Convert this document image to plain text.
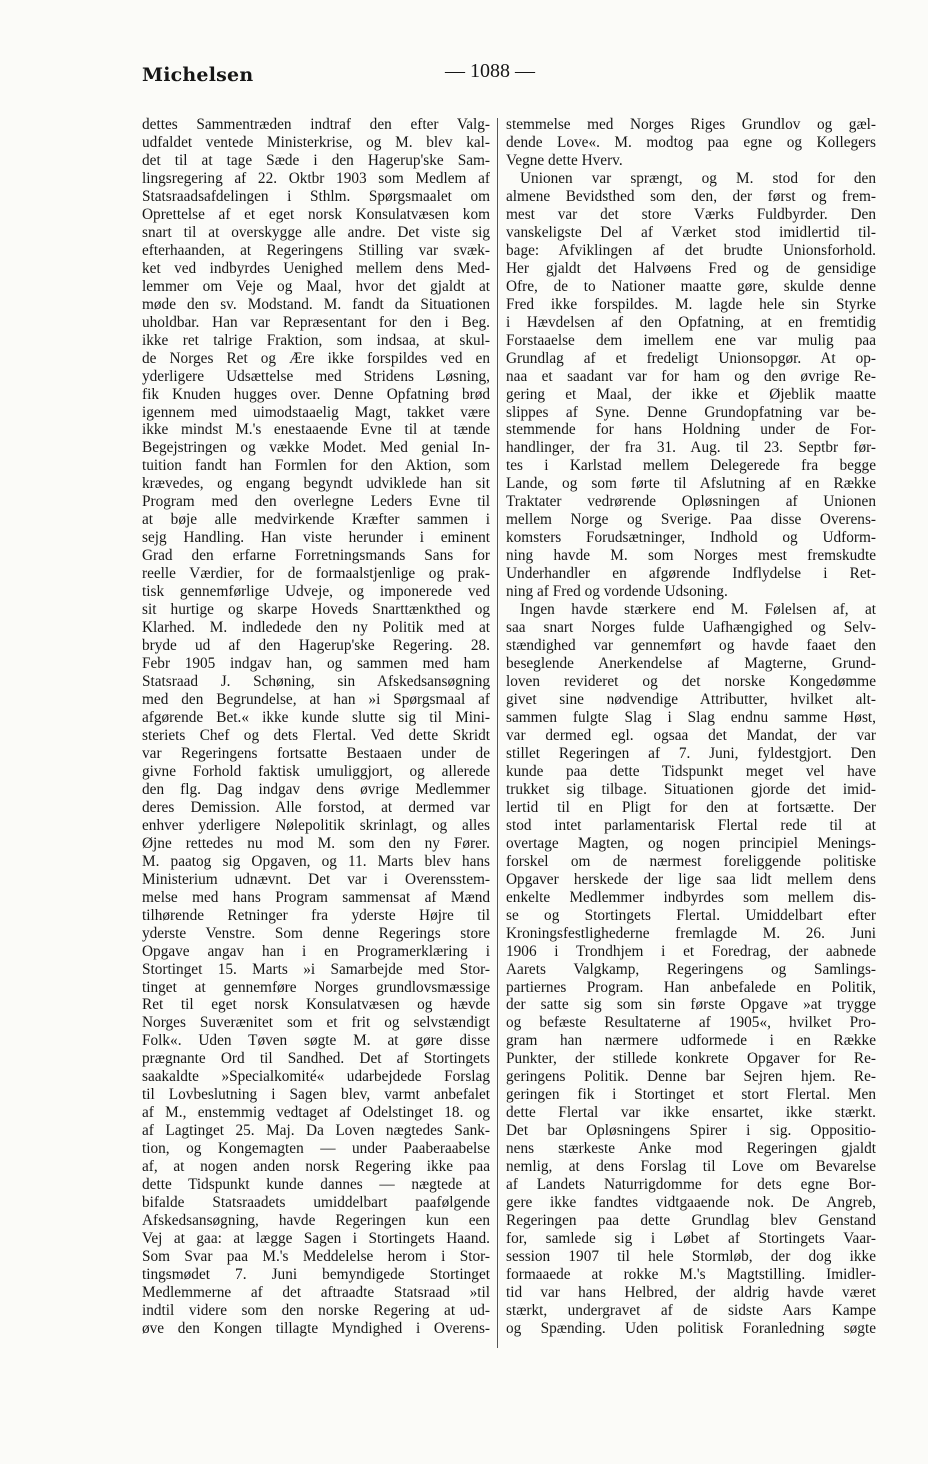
Michelsen	— 1088 —
dettes Sammentræden indtraf den efter Valg-
udfaldet ventede Ministerkrise, og M. blev kal-
det til at tage Sæde i den Hagerup'ske Sam-
lingsregering af 22. Oktbr 1903 som Medlem af
Statsraadsafdelingen i Sthlm. Spørgsmaalet om
Oprettelse af et eget norsk Konsulatvæsen kom
snart til at overskygge alle andre. Det viste sig
efterhaanden, at Regeringens Stilling var svæk-
ket ved indbyrdes Uenighed mellem dens Med-
lemmer om Veje og Maal, hvor det gjaldt at
møde den sv. Modstand. M. fandt da Situationen
uholdbar. Han var Repræsentant for den i Beg.
ikke ret talrige Fraktion, som indsaa, at skul-
de Norges Ret og Ære ikke forspildes ved en
yderligere Udsættelse med Stridens Løsning,
fik Knuden hugges over. Denne Opfatning brød
igennem med uimodstaaelig Magt, takket være
ikke mindst M.'s enestaaende Evne til at tænde
Begejstringen og vække Modet. Med genial In-
tuition fandt han Formlen for den Aktion, som
krævedes, og engang begyndt udviklede han sit
Program med den overlegne Leders Evne til
at bøje alle medvirkende Kræfter sammen i
sejg Handling. Han viste herunder i eminent
Grad den erfarne Forretningsmands Sans for
reelle Værdier, for de formaalstjenlige og prak-
tisk gennemførlige Udveje, og imponerede ved
sit hurtige og skarpe Hoveds Snarttænkthed og
Klarhed. M. indledede den ny Politik med at
bryde ud af den Hagerup'ske Regering. 28.
Febr 1905 indgav han, og sammen med ham
Statsraad J. Schøning, sin Afskedsansøgning
med den Begrundelse, at han »i Spørgsmaal af
afgørende Bet.« ikke kunde slutte sig til Mini-
steriets Chef og dets Flertal. Ved dette Skridt
var Regeringens fortsatte Bestaaen under de
givne Forhold faktisk umuliggjort, og allerede
den flg. Dag indgav dens øvrige Medlemmer
deres Demission. Alle forstod, at dermed var
enhver yderligere Nølepolitik skrinlagt, og alles
Øjne rettedes nu mod M. som den ny Fører.
M. paatog sig Opgaven, og 11. Marts blev hans
Ministerium udnævnt. Det var i Overensstem-
melse med hans Program sammensat af Mænd
tilhørende Retninger fra yderste Højre til
yderste Venstre. Som denne Regerings store
Opgave angav han i en Programerklæring i
Stortinget 15. Marts »i Samarbejde med Stor-
tinget at gennemføre Norges grundlovsmæssige
Ret til eget norsk Konsulatvæsen og hævde
Norges Suverænitet som et frit og selvstændigt
Folk«. Uden Tøven søgte M. at gøre disse
prægnante Ord til Sandhed. Det af Stortingets
saakaldte »Specialkomité« udarbejdede Forslag
til Lovbeslutning i Sagen blev, varmt anbefalet
af M., enstemmig vedtaget af Odelstinget 18. og
af Lagtinget 25. Maj. Da Loven nægtedes Sank-
tion, og Kongemagten — under Paaberaabelse
af, at nogen anden norsk Regering ikke paa
dette Tidspunkt kunde dannes — nægtede at
bifalde Statsraadets umiddelbart paafølgende
Afskedsansøgning, havde Regeringen kun een
Vej at gaa: at lægge Sagen i Stortingets Haand.
Som Svar paa M.'s Meddelelse herom i Stor-
tingsmødet 7. Juni bemyndigede Stortinget
Medlemmerne af det aftraadte Statsraad »til
indtil videre som den norske Regering at ud-
øve den Kongen tillagte Myndighed i Overens-
stemmelse med Norges Riges Grundlov og gæl-
dende Love«. M. modtog paa egne og Kollegers
Vegne dette Hverv.
Unionen var sprængt, og M. stod for den
almene Bevidsthed som den, der først og frem-
mest var det store Værks Fuldbyrder. Den
vanskeligste Del af Værket stod imidlertid til-
bage: Afviklingen af det brudte Unionsforhold.
Her gjaldt det Halvøens Fred og de gensidige
Ofre, de to Nationer maatte gøre, skulde denne
Fred ikke forspildes. M. lagde hele sin Styrke
i Hævdelsen af den Opfatning, at en fremtidig
Forstaaelse dem imellem ene var mulig paa
Grundlag af et fredeligt Unionsopgør. At op-
naa et saadant var for ham og den øvrige Re-
gering et Maal, der ikke et Øjeblik maatte
slippes af Syne. Denne Grundopfatning var be-
stemmende for hans Holdning under de For-
handlinger, der fra 31. Aug. til 23. Septbr før-
tes i Karlstad mellem Delegerede fra begge
Lande, og som førte til Afslutning af en Række
Traktater vedrørende Opløsningen af Unionen
mellem Norge og Sverige. Paa disse Overens-
komsters Forudsætninger, Indhold og Udform-
ning havde M. som Norges mest fremskudte
Underhandler en afgørende Indflydelse i Ret-
ning af Fred og vordende Udsoning.
Ingen havde stærkere end M. Følelsen af, at
saa snart Norges fulde Uafhængighed og Selv-
stændighed var gennemført og havde faaet den
beseglende Anerkendelse af Magterne, Grund-
loven revideret og det norske Kongedømme
givet sine nødvendige Attributter, hvilket alt-
sammen fulgte Slag i Slag endnu samme Høst,
var dermed egl. ogsaa det Mandat, der var
stillet Regeringen af 7. Juni, fyldestgjort. Den
kunde paa dette Tidspunkt meget vel have
trukket sig tilbage. Situationen gjorde det imid-
lertid til en Pligt for den at fortsætte. Der
stod intet parlamentarisk Flertal rede til at
overtage Magten, og nogen principiel Menings-
forskel om de nærmest foreliggende politiske
Opgaver herskede der lige saa lidt mellem dens
enkelte Medlemmer indbyrdes som mellem dis-
se og Stortingets Flertal. Umiddelbart efter
Kroningsfestlighederne fremlagde M. 26. Juni
1906 i Trondhjem i et Foredrag, der aabnede
Aarets Valgkamp, Regeringens og Samlings-
partiernes Program. Han anbefalede en Politik,
der satte sig som sin første Opgave »at trygge
og befæste Resultaterne af 1905«, hvilket Pro-
gram han nærmere udformede i en Række
Punkter, der stillede konkrete Opgaver for Re-
geringens Politik. Denne bar Sejren hjem. Re-
geringen fik i Stortinget et stort Flertal. Men
dette Flertal var ikke ensartet, ikke stærkt.
Det bar Opløsningens Spirer i sig. Oppositio-
nens stærkeste Anke mod Regeringen gjaldt
nemlig, at dens Forslag til Love om Bevarelse
af Landets Naturrigdomme for dets egne Bor-
gere ikke fandtes vidtgaaende nok. De Angreb,
Regeringen paa dette Grundlag blev Genstand
for, samlede sig i Løbet af Stortingets Vaar-
session 1907 til hele Stormløb, der dog ikke
formaaede at rokke M.'s Magtstilling. Imidler-
tid var hans Helbred, der aldrig havde været
stærkt, undergravet af de sidste Aars Kampe
og Spænding. Uden politisk Foranledning søgte
